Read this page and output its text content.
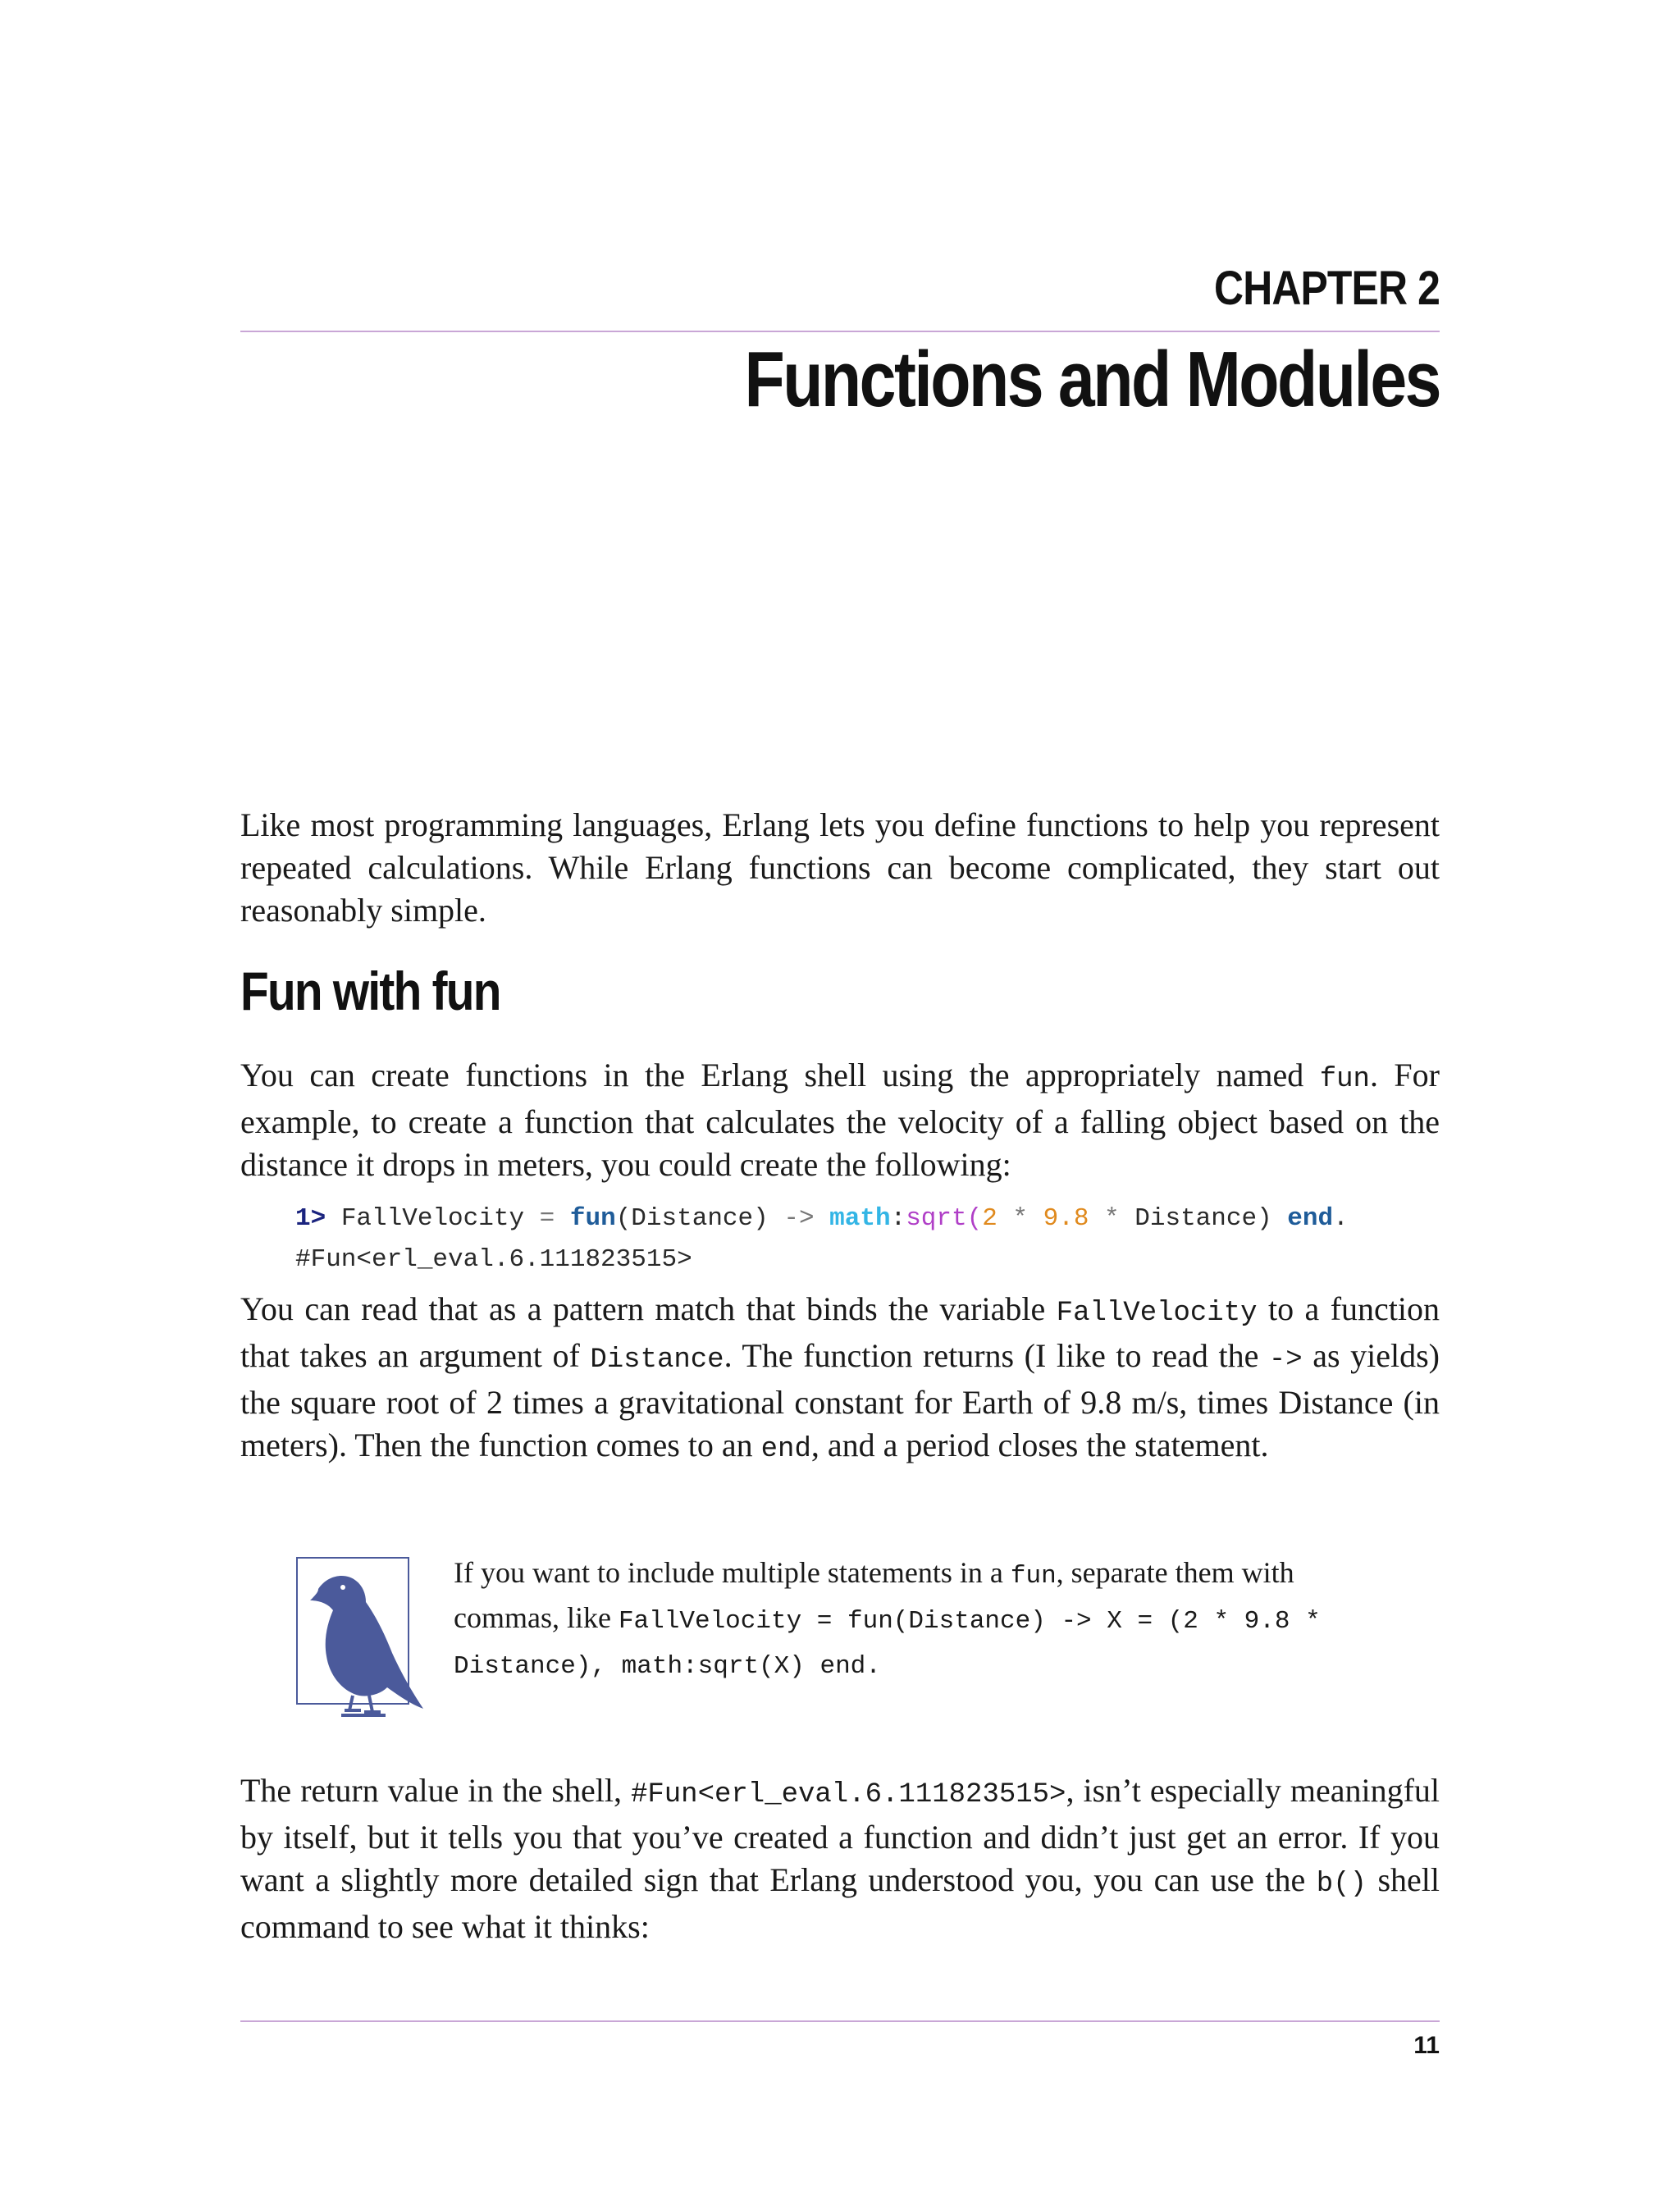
CHAPTER 2
Functions and Modules

Like most programming languages, Erlang lets you define functions to help you represent repeated calculations. While Erlang functions can become complicated, they start out reasonably simple.

Fun with fun

You can create functions in the Erlang shell using the appropriately named fun. For example, to create a function that calculates the velocity of a falling object based on the distance it drops in meters, you could create the following:

1> FallVelocity = fun(Distance) -> math:sqrt(2 * 9.8 * Distance) end.
#Fun<erl_eval.6.111823515>

You can read that as a pattern match that binds the variable FallVelocity to a function that takes an argument of Distance. The function returns (I like to read the -> as yields) the square root of 2 times a gravitational constant for Earth of 9.8 m/s, times Distance (in meters). Then the function comes to an end, and a period closes the statement.

If you want to include multiple statements in a fun, separate them with commas, like FallVelocity = fun(Distance) -> X = (2 * 9.8 * Distance), math:sqrt(X) end.

The return value in the shell, #Fun<erl_eval.6.111823515>, isn’t especially meaningful by itself, but it tells you that you’ve created a function and didn’t just get an error. If you want a slightly more detailed sign that Erlang understood you, you can use the b() shell command to see what it thinks:

11
